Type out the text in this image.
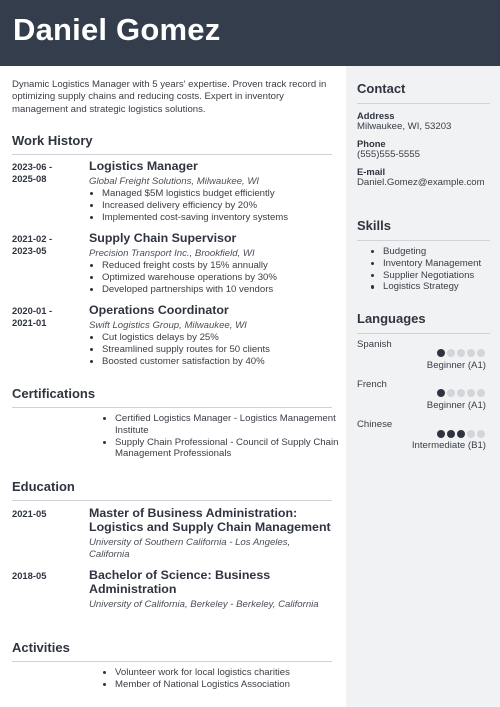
Daniel Gomez

Dynamic Logistics Manager with 5 years' expertise. Proven track record in optimizing supply chains and reducing costs. Expert in inventory management and strategic logistics solutions.

Work History
2023-06 -
2025-08
Logistics Manager
Global Freight Solutions, Milwaukee, WI
Managed $5M logistics budget efficiently
Increased delivery efficiency by 20%
Implemented cost-saving inventory systems
2021-02 -
2023-05
Supply Chain Supervisor
Precision Transport Inc., Brookfield, WI
Reduced freight costs by 15% annually
Optimized warehouse operations by 30%
Developed partnerships with 10 vendors
2020-01 -
2021-01
Operations Coordinator
Swift Logistics Group, Milwaukee, WI
Cut logistics delays by 25%
Streamlined supply routes for 50 clients
Boosted customer satisfaction by 40%
Certifications
Certified Logistics Manager - Logistics Management Institute
Supply Chain Professional - Council of Supply Chain Management Professionals
Education
2021-05	Master of Business Administration: Logistics and Supply Chain Management
University of Southern California - Los Angeles, California
2018-05	Bachelor of Science: Business Administration
University of California, Berkeley - Berkeley, California
Activities
Volunteer work for local logistics charities
Member of National Logistics Association
Contact
Address
Milwaukee, WI, 53203
Phone
(555)555-5555
E-mail
Daniel.Gomez@example.com
Skills
Budgeting
Inventory Management
Supplier Negotiations
Logistics Strategy
Languages
Spanish
Beginner (A1)
French
Beginner (A1)
Chinese
Intermediate (B1)
